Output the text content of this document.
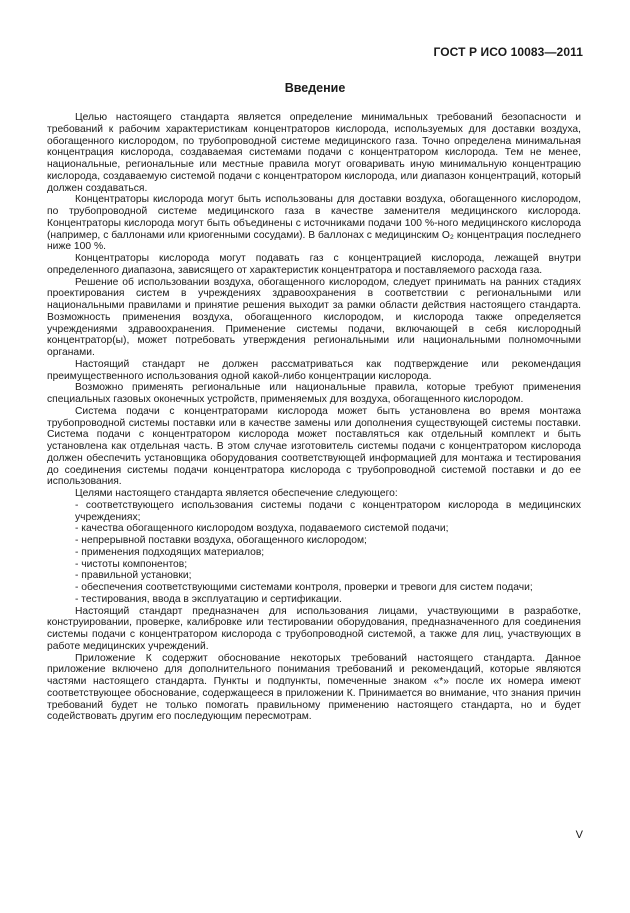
ГОСТ Р ИСО 10083—2011
Введение

Целью настоящего стандарта является определение минимальных требований безопасности и требований к рабочим характеристикам концентраторов кислорода, используемых для доставки воздуха, обогащенного кислородом, по трубопроводной системе медицинского газа. Точно определена минимальная концентрация кислорода, создаваемая системами подачи с концентратором кислорода. Тем не менее, национальные, региональные или местные правила могут оговаривать иную минимальную концентрацию кислорода, создаваемую системой подачи с концентратором кислорода, или диапазон концентраций, который должен создаваться.

Концентраторы кислорода могут быть использованы для доставки воздуха, обогащенного кислородом, по трубопроводной системе медицинского газа в качестве заменителя медицинского кислорода. Концентраторы кислорода могут быть объединены с источниками подачи 100 %-ного медицинского кислорода (например, с баллонами или криогенными сосудами). В баллонах с медицинским O₂ концентрация последнего ниже 100 %.

Концентраторы кислорода могут подавать газ с концентрацией кислорода, лежащей внутри определенного диапазона, зависящего от характеристик концентратора и поставляемого расхода газа.

Решение об использовании воздуха, обогащенного кислородом, следует принимать на ранних стадиях проектирования систем в учреждениях здравоохранения в соответствии с региональными или национальными правилами и принятие решения выходит за рамки области действия настоящего стандарта. Возможность применения воздуха, обогащенного кислородом, и кислорода также определяется учреждениями здравоохранения. Применение системы подачи, включающей в себя кислородный концентратор(ы), может потребовать утверждения региональными или национальными полномочными органами.

Настоящий стандарт не должен рассматриваться как подтверждение или рекомендация преимущественного использования одной какой-либо концентрации кислорода.

Возможно применять региональные или национальные правила, которые требуют применения специальных газовых оконечных устройств, применяемых для воздуха, обогащенного кислородом.

Система подачи с концентраторами кислорода может быть установлена во время монтажа трубопроводной системы поставки или в качестве замены или дополнения существующей системы поставки. Система подачи с концентратором кислорода может поставляться как отдельный комплект и быть установлена как отдельная часть. В этом случае изготовитель системы подачи с концентратором кислорода должен обеспечить установщика оборудования соответствующей информацией для монтажа и тестирования до соединения системы подачи концентратора кислорода с трубопроводной системой поставки и до ее использования.

Целями настоящего стандарта является обеспечение следующего:

- соответствующего использования системы подачи с концентратором кислорода в медицинских учреждениях;
- качества обогащенного кислородом воздуха, подаваемого системой подачи;
- непрерывной поставки воздуха, обогащенного кислородом;
- применения подходящих материалов;
- чистоты компонентов;
- правильной установки;
- обеспечения соответствующими системами контроля, проверки и тревоги для систем подачи;
- тестирования, ввода в эксплуатацию и сертификации.

Настоящий стандарт предназначен для использования лицами, участвующими в разработке, конструировании, проверке, калибровке или тестировании оборудования, предназначенного для соединения системы подачи с концентратором кислорода с трубопроводной системой, а также для лиц, участвующих в работе медицинских учреждений.

Приложение К содержит обоснование некоторых требований настоящего стандарта. Данное приложение включено для дополнительного понимания требований и рекомендаций, которые являются частями настоящего стандарта. Пункты и подпункты, помеченные знаком «*» после их номера имеют соответствующее обоснование, содержащееся в приложении К. Принимается во внимание, что знания причин требований будет не только помогать правильному применению настоящего стандарта, но и будет содействовать другим его последующим пересмотрам.

V
